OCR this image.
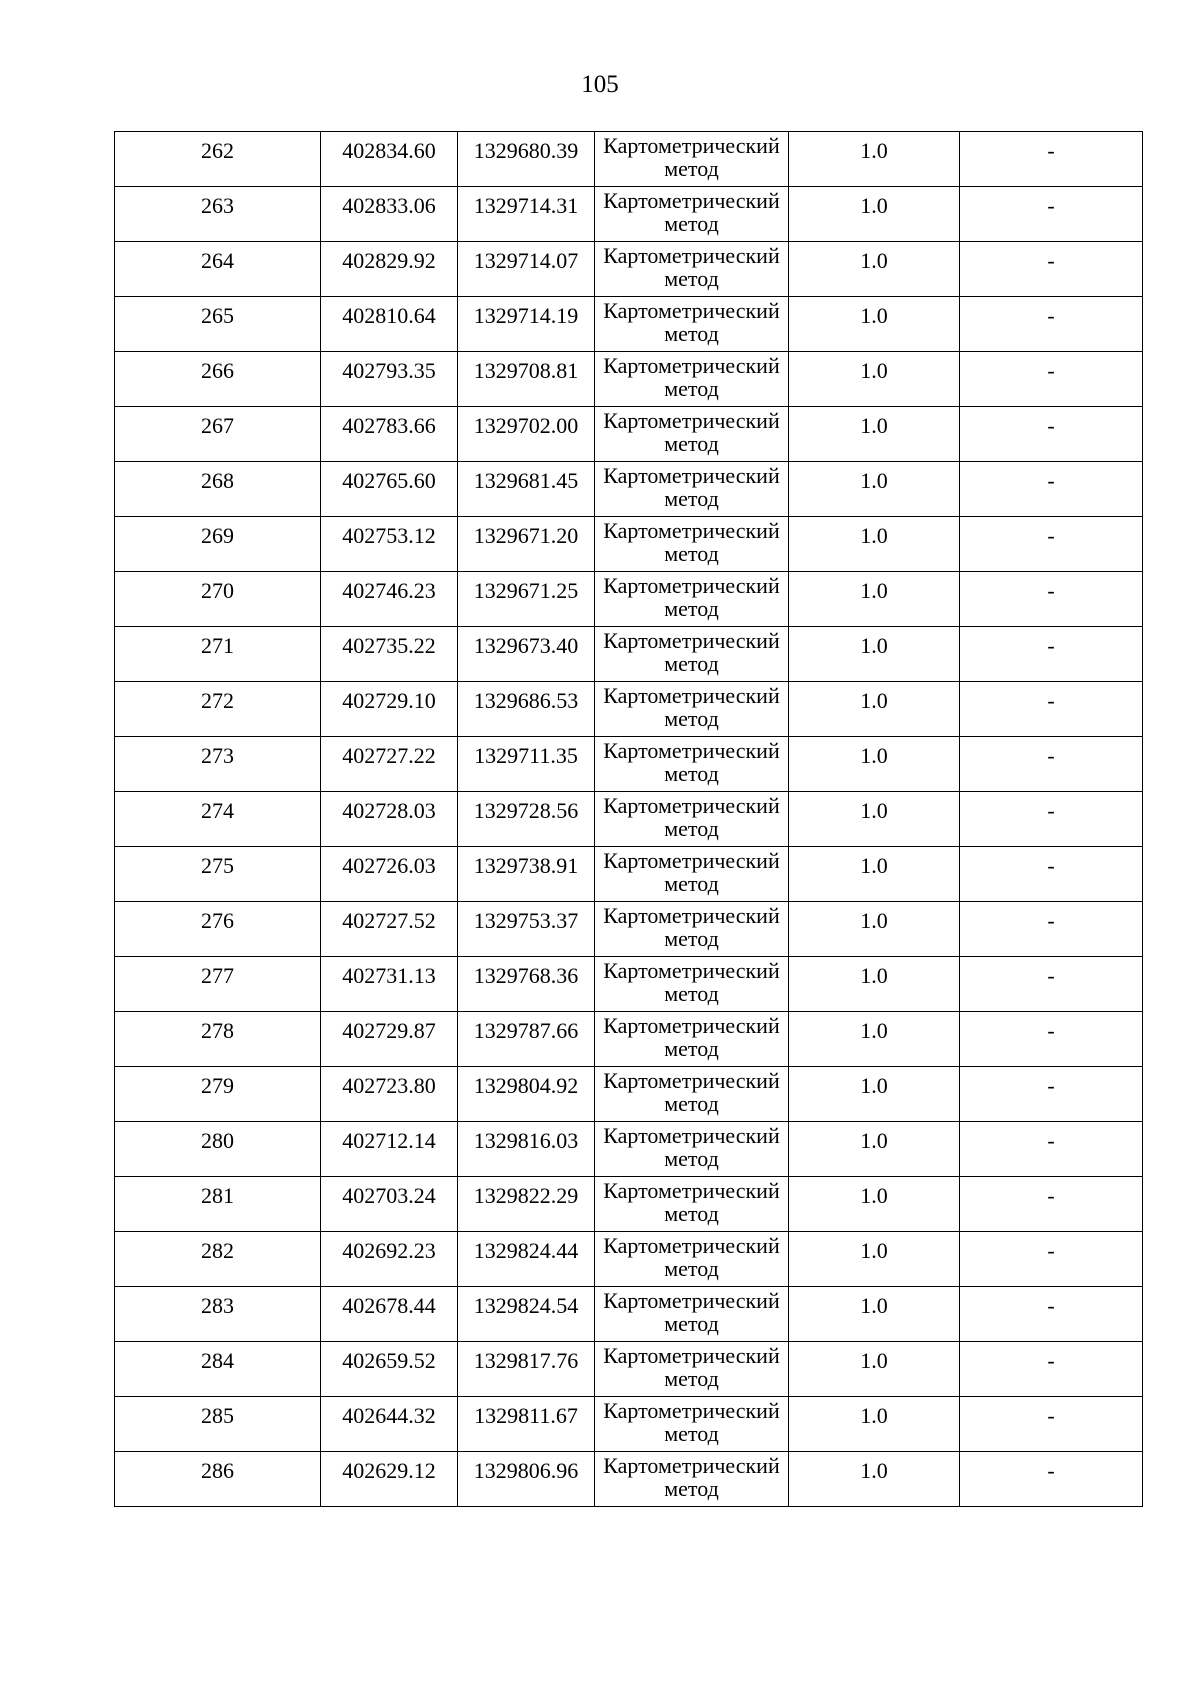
105
262	402834.60	1329680.39	Картометрический метод	1.0	-

263	402833.06	1329714.31	Картометрический метод	1.0	-

264	402829.92	1329714.07	Картометрический метод	1.0	-

265	402810.64	1329714.19	Картометрический метод	1.0	-

266	402793.35	1329708.81	Картометрический метод	1.0	-

267	402783.66	1329702.00	Картометрический метод	1.0	-

268	402765.60	1329681.45	Картометрический метод	1.0	-

269	402753.12	1329671.20	Картометрический метод	1.0	-

270	402746.23	1329671.25	Картометрический метод	1.0	-

271	402735.22	1329673.40	Картометрический метод	1.0	-

272	402729.10	1329686.53	Картометрический метод	1.0	-

273	402727.22	1329711.35	Картометрический метод	1.0	-

274	402728.03	1329728.56	Картометрический метод	1.0	-

275	402726.03	1329738.91	Картометрический метод	1.0	-

276	402727.52	1329753.37	Картометрический метод	1.0	-

277	402731.13	1329768.36	Картометрический метод	1.0	-

278	402729.87	1329787.66	Картометрический метод	1.0	-

279	402723.80	1329804.92	Картометрический метод	1.0	-

280	402712.14	1329816.03	Картометрический метод	1.0	-

281	402703.24	1329822.29	Картометрический метод	1.0	-

282	402692.23	1329824.44	Картометрический метод	1.0	-

283	402678.44	1329824.54	Картометрический метод	1.0	-

284	402659.52	1329817.76	Картометрический метод	1.0	-

285	402644.32	1329811.67	Картометрический метод	1.0	-

286	402629.12	1329806.96	Картометрический метод	1.0	-
